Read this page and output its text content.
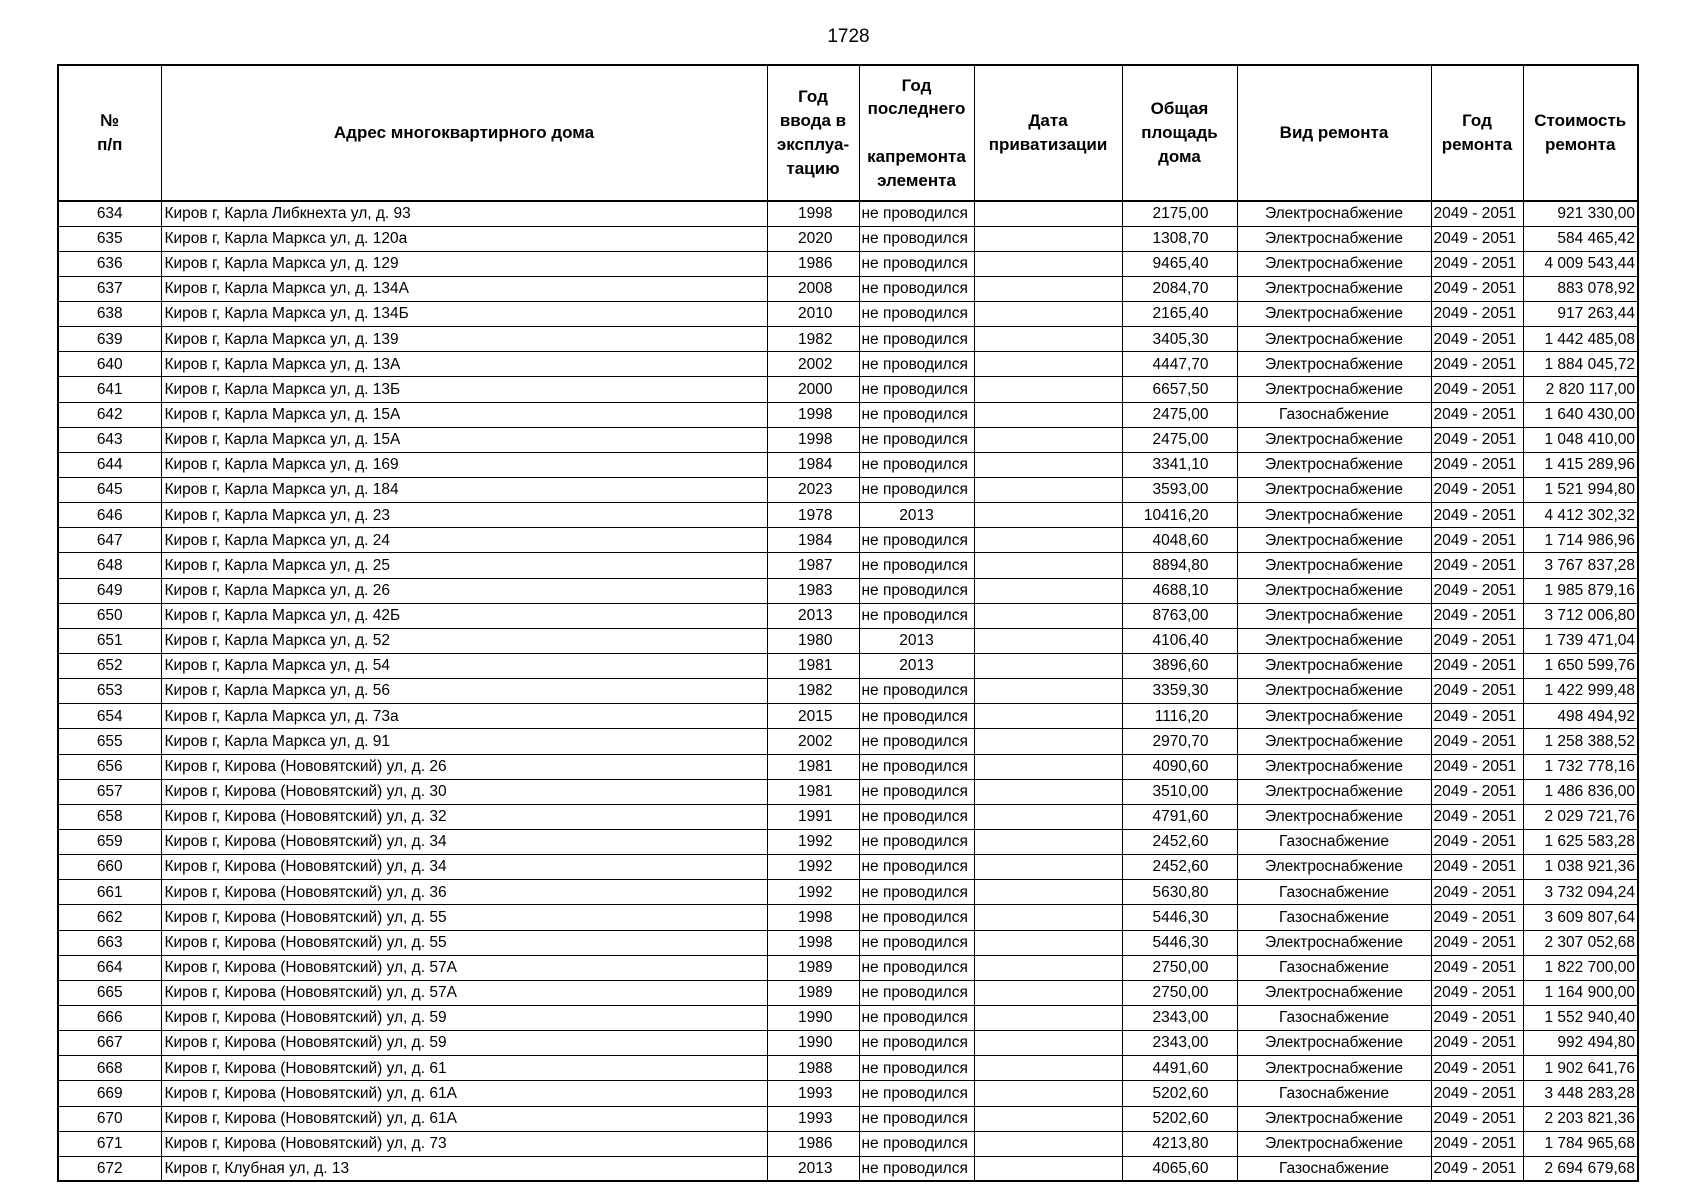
1728
№
п/п	Адрес многоквартирного дома	Год
ввода в
эксплуа-
тацию	Год
последнего

капремонта
элемента	Дата
приватизации	Общая
площадь
дома	Вид ремонта	Год
ремонта	Стоимость
ремонта
634	Киров г, Карла Либкнехта ул, д. 93	1998	не проводился		2175,00	Электроснабжение	2049 - 2051	921 330,00
635	Киров г, Карла Маркса ул, д. 120а	2020	не проводился		1308,70	Электроснабжение	2049 - 2051	584 465,42
636	Киров г, Карла Маркса ул, д. 129	1986	не проводился		9465,40	Электроснабжение	2049 - 2051	4 009 543,44
637	Киров г, Карла Маркса ул, д. 134А	2008	не проводился		2084,70	Электроснабжение	2049 - 2051	883 078,92
638	Киров г, Карла Маркса ул, д. 134Б	2010	не проводился		2165,40	Электроснабжение	2049 - 2051	917 263,44
639	Киров г, Карла Маркса ул, д. 139	1982	не проводился		3405,30	Электроснабжение	2049 - 2051	1 442 485,08
640	Киров г, Карла Маркса ул, д. 13А	2002	не проводился		4447,70	Электроснабжение	2049 - 2051	1 884 045,72
641	Киров г, Карла Маркса ул, д. 13Б	2000	не проводился		6657,50	Электроснабжение	2049 - 2051	2 820 117,00
642	Киров г, Карла Маркса ул, д. 15А	1998	не проводился		2475,00	Газоснабжение	2049 - 2051	1 640 430,00
643	Киров г, Карла Маркса ул, д. 15А	1998	не проводился		2475,00	Электроснабжение	2049 - 2051	1 048 410,00
644	Киров г, Карла Маркса ул, д. 169	1984	не проводился		3341,10	Электроснабжение	2049 - 2051	1 415 289,96
645	Киров г, Карла Маркса ул, д. 184	2023	не проводился		3593,00	Электроснабжение	2049 - 2051	1 521 994,80
646	Киров г, Карла Маркса ул, д. 23	1978	2013		10416,20	Электроснабжение	2049 - 2051	4 412 302,32
647	Киров г, Карла Маркса ул, д. 24	1984	не проводился		4048,60	Электроснабжение	2049 - 2051	1 714 986,96
648	Киров г, Карла Маркса ул, д. 25	1987	не проводился		8894,80	Электроснабжение	2049 - 2051	3 767 837,28
649	Киров г, Карла Маркса ул, д. 26	1983	не проводился		4688,10	Электроснабжение	2049 - 2051	1 985 879,16
650	Киров г, Карла Маркса ул, д. 42Б	2013	не проводился		8763,00	Электроснабжение	2049 - 2051	3 712 006,80
651	Киров г, Карла Маркса ул, д. 52	1980	2013		4106,40	Электроснабжение	2049 - 2051	1 739 471,04
652	Киров г, Карла Маркса ул, д. 54	1981	2013		3896,60	Электроснабжение	2049 - 2051	1 650 599,76
653	Киров г, Карла Маркса ул, д. 56	1982	не проводился		3359,30	Электроснабжение	2049 - 2051	1 422 999,48
654	Киров г, Карла Маркса ул, д. 73а	2015	не проводился		1116,20	Электроснабжение	2049 - 2051	498 494,92
655	Киров г, Карла Маркса ул, д. 91	2002	не проводился		2970,70	Электроснабжение	2049 - 2051	1 258 388,52
656	Киров г, Кирова (Нововятский) ул, д. 26	1981	не проводился		4090,60	Электроснабжение	2049 - 2051	1 732 778,16
657	Киров г, Кирова (Нововятский) ул, д. 30	1981	не проводился		3510,00	Электроснабжение	2049 - 2051	1 486 836,00
658	Киров г, Кирова (Нововятский) ул, д. 32	1991	не проводился		4791,60	Электроснабжение	2049 - 2051	2 029 721,76
659	Киров г, Кирова (Нововятский) ул, д. 34	1992	не проводился		2452,60	Газоснабжение	2049 - 2051	1 625 583,28
660	Киров г, Кирова (Нововятский) ул, д. 34	1992	не проводился		2452,60	Электроснабжение	2049 - 2051	1 038 921,36
661	Киров г, Кирова (Нововятский) ул, д. 36	1992	не проводился		5630,80	Газоснабжение	2049 - 2051	3 732 094,24
662	Киров г, Кирова (Нововятский) ул, д. 55	1998	не проводился		5446,30	Газоснабжение	2049 - 2051	3 609 807,64
663	Киров г, Кирова (Нововятский) ул, д. 55	1998	не проводился		5446,30	Электроснабжение	2049 - 2051	2 307 052,68
664	Киров г, Кирова (Нововятский) ул, д. 57А	1989	не проводился		2750,00	Газоснабжение	2049 - 2051	1 822 700,00
665	Киров г, Кирова (Нововятский) ул, д. 57А	1989	не проводился		2750,00	Электроснабжение	2049 - 2051	1 164 900,00
666	Киров г, Кирова (Нововятский) ул, д. 59	1990	не проводился		2343,00	Газоснабжение	2049 - 2051	1 552 940,40
667	Киров г, Кирова (Нововятский) ул, д. 59	1990	не проводился		2343,00	Электроснабжение	2049 - 2051	992 494,80
668	Киров г, Кирова (Нововятский) ул, д. 61	1988	не проводился		4491,60	Электроснабжение	2049 - 2051	1 902 641,76
669	Киров г, Кирова (Нововятский) ул, д. 61А	1993	не проводился		5202,60	Газоснабжение	2049 - 2051	3 448 283,28
670	Киров г, Кирова (Нововятский) ул, д. 61А	1993	не проводился		5202,60	Электроснабжение	2049 - 2051	2 203 821,36
671	Киров г, Кирова (Нововятский) ул, д. 73	1986	не проводился		4213,80	Электроснабжение	2049 - 2051	1 784 965,68
672	Киров г, Клубная ул, д. 13	2013	не проводился		4065,60	Газоснабжение	2049 - 2051	2 694 679,68
